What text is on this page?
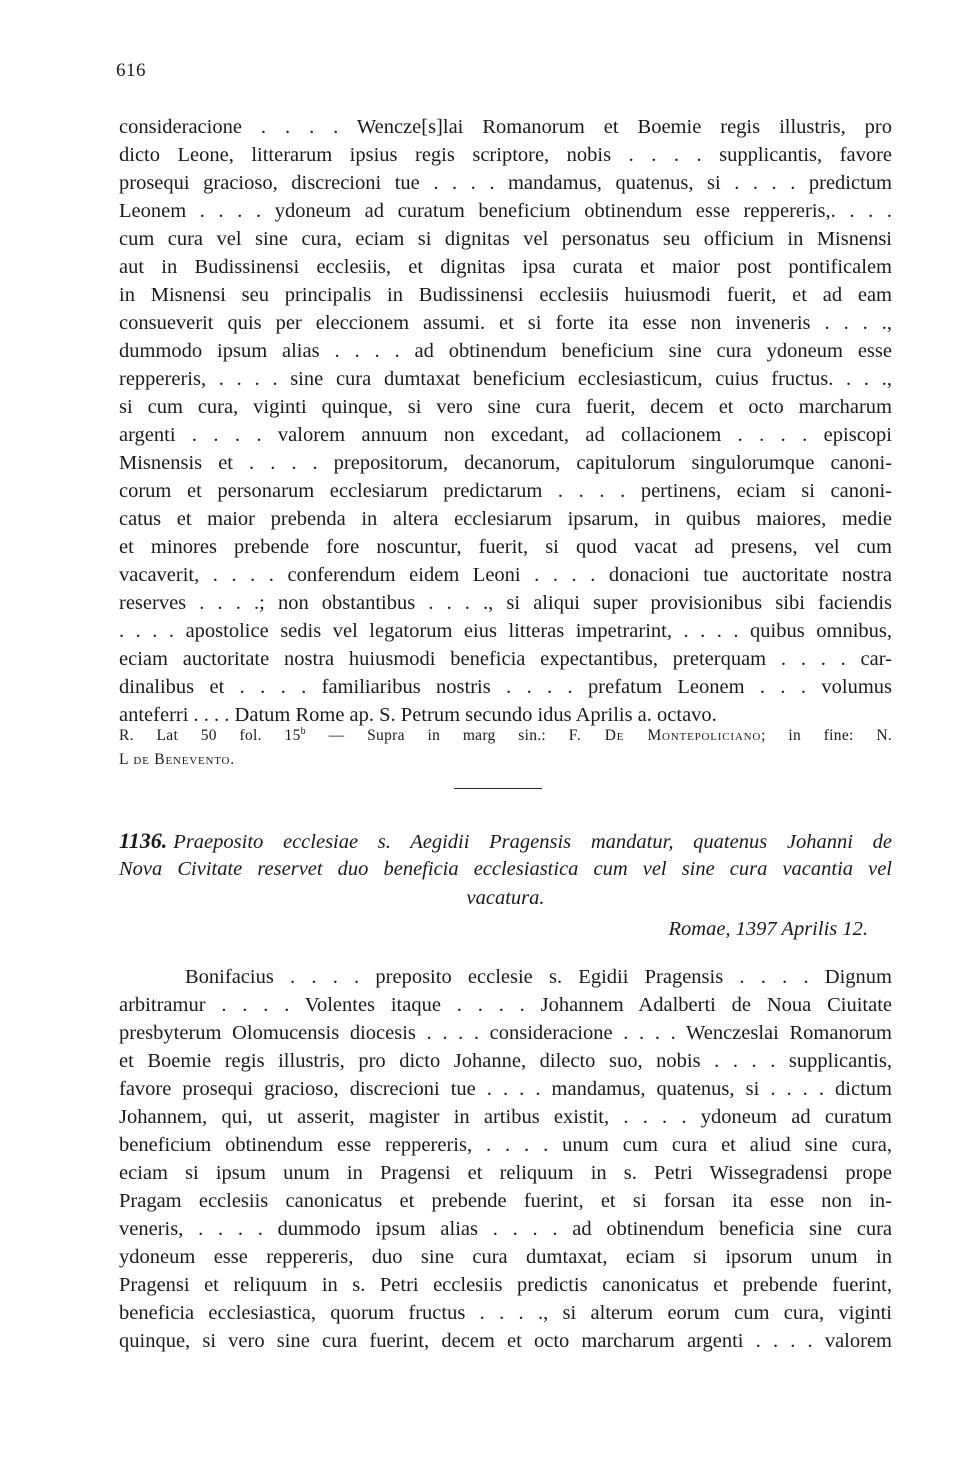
616
consideracione . . . . Wencze[s]lai Romanorum et Boemie regis illustris, pro
dicto Leone, litterarum ipsius regis scriptore, nobis . . . . supplicantis, favore
prosequi gracioso, discrecioni tue . . . . mandamus, quatenus, si . . . . predictum
Leonem . . . . ydoneum ad curatum beneficium obtinendum esse reppereris,. . . .
cum cura vel sine cura, eciam si dignitas vel personatus seu officium in Misnensi
aut in Budissinensi ecclesiis, et dignitas ipsa curata et maior post pontificalem
in Misnensi seu principalis in Budissinensi ecclesiis huiusmodi fuerit, et ad eam
consueverit quis per eleccionem assumi. et si forte ita esse non inveneris . . . .,
dummodo ipsum alias . . . . ad obtinendum beneficium sine cura ydoneum esse
reppereris, . . . . sine cura dumtaxat beneficium ecclesiasticum, cuius fructus. . . .,
si cum cura, viginti quinque, si vero sine cura fuerit, decem et octo marcharum
argenti . . . . valorem annuum non excedant, ad collacionem . . . . episcopi
Misnensis et . . . . prepositorum, decanorum, capitulorum singulorumque canoni-
corum et personarum ecclesiarum predictarum . . . . pertinens, eciam si canoni-
catus et maior prebenda in altera ecclesiarum ipsarum, in quibus maiores, medie
et minores prebende fore noscuntur, fuerit, si quod vacat ad presens, vel cum
vacaverit, . . . . conferendum eidem Leoni . . . . donacioni tue auctoritate nostra
reserves . . . .; non obstantibus . . . ., si aliqui super provisionibus sibi faciendis
. . . . apostolice sedis vel legatorum eius litteras impetrarint, . . . . quibus omnibus,
eciam auctoritate nostra huiusmodi beneficia expectantibus, preterquam . . . . car-
dinalibus et . . . . familiaribus nostris . . . . prefatum Leonem . . . volumus
anteferri . . . . Datum Rome ap. S. Petrum secundo idus Aprilis a. octavo.
R. Lat 50 fol. 15$^b$ — Supra in marg sin.: F. De Montepoliciano; in fine: N.
L de Benevento.
1136. Praeposito ecclesiae s. Aegidii Pragensis mandatur, quatenus Johanni de
Nova Civitate reservet duo beneficia ecclesiastica cum vel sine cura vacantia vel
vacatura.
Romae, 1397 Aprilis 12.
Bonifacius . . . . preposito ecclesie s. Egidii Pragensis . . . . Dignum
arbitramur . . . . Volentes itaque . . . . Johannem Adalberti de Noua Ciuitate
presbyterum Olomucensis diocesis . . . . consideracione . . . . Wenczeslai Romanorum
et Boemie regis illustris, pro dicto Johanne, dilecto suo, nobis . . . . supplicantis,
favore prosequi gracioso, discrecioni tue . . . . mandamus, quatenus, si . . . . dictum
Johannem, qui, ut asserit, magister in artibus existit, . . . . ydoneum ad curatum
beneficium obtinendum esse reppereris, . . . . unum cum cura et aliud sine cura,
eciam si ipsum unum in Pragensi et reliquum in s. Petri Wissegradensi prope
Pragam ecclesiis canonicatus et prebende fuerint, et si forsan ita esse non in-
veneris, . . . . dummodo ipsum alias . . . . ad obtinendum beneficia sine cura
ydoneum esse reppereris, duo sine cura dumtaxat, eciam si ipsorum unum in
Pragensi et reliquum in s. Petri ecclesiis predictis canonicatus et prebende fuerint,
beneficia ecclesiastica, quorum fructus . . . ., si alterum eorum cum cura, viginti
quinque, si vero sine cura fuerint, decem et octo marcharum argenti . . . . valorem
